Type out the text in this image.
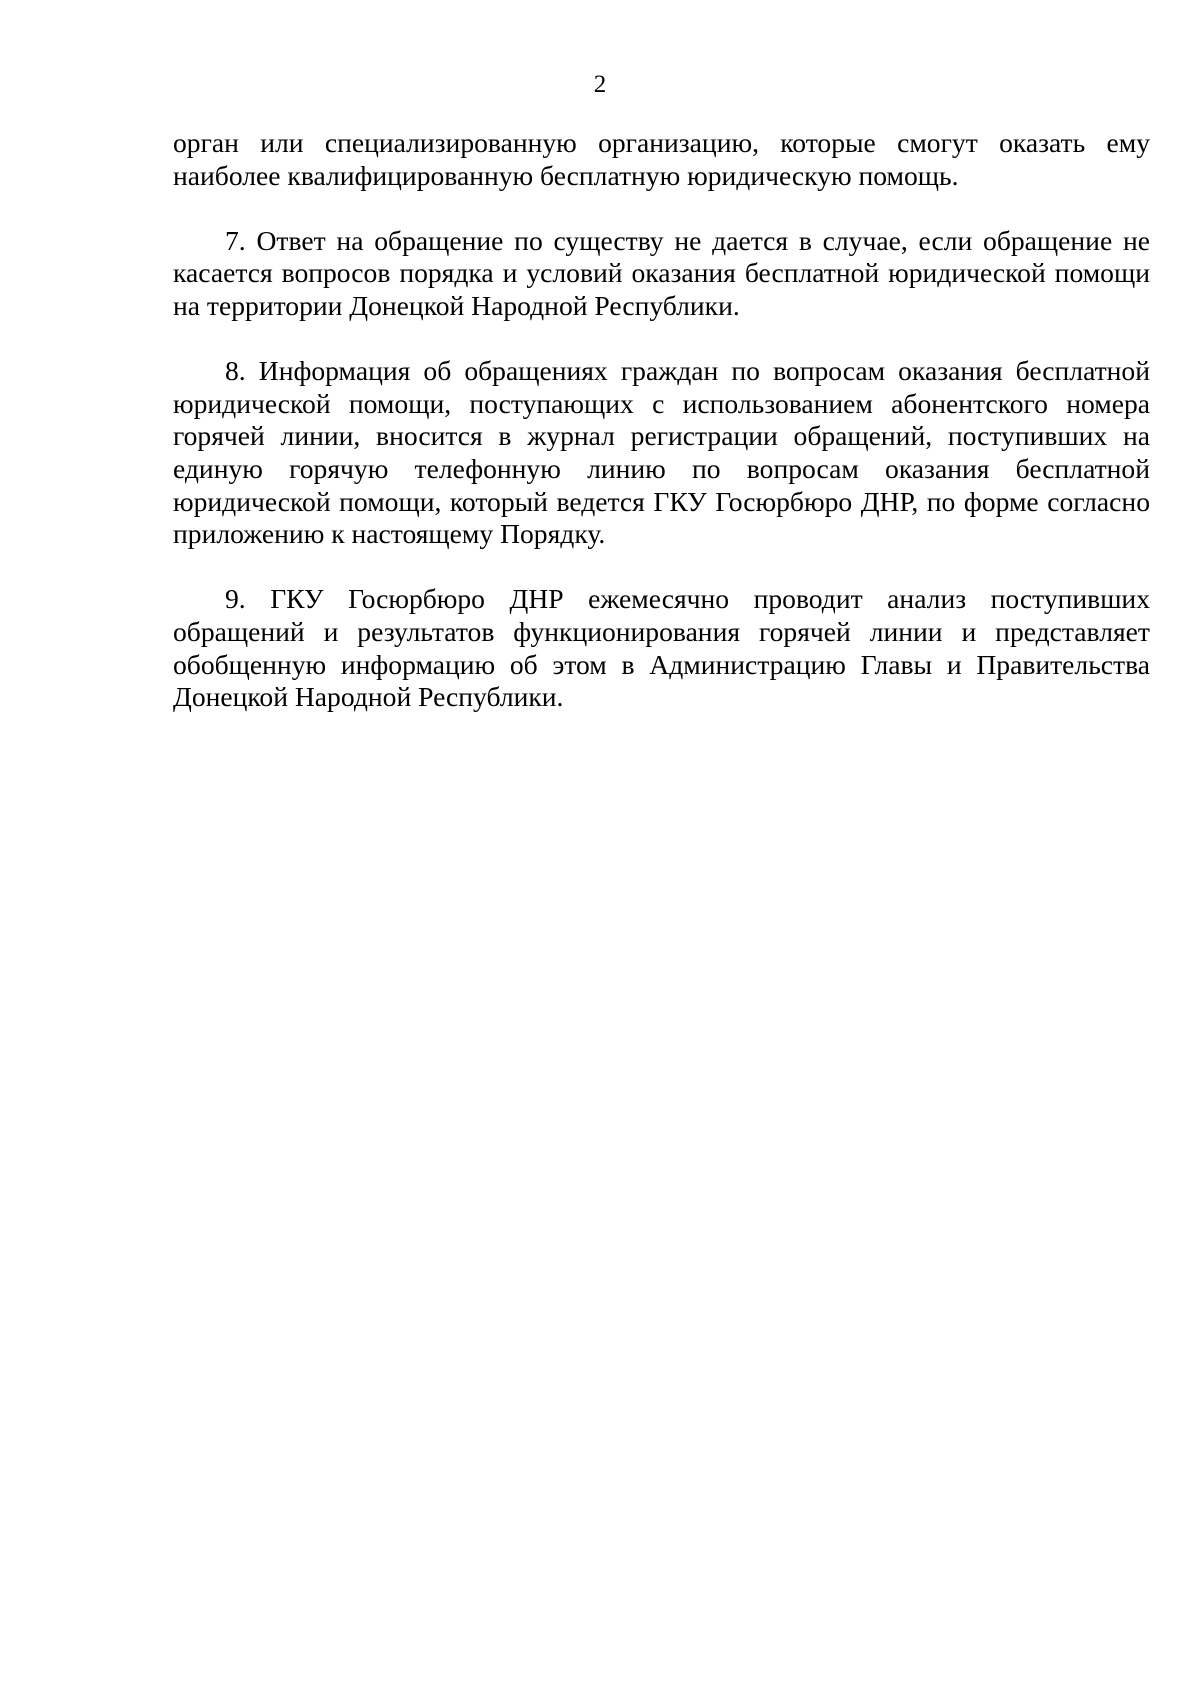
2

орган или специализированную организацию, которые смогут оказать ему наиболее квалифицированную бесплатную юридическую помощь.

7. Ответ на обращение по существу не дается в случае, если обращение не касается вопросов порядка и условий оказания бесплатной юридической помощи на территории Донецкой Народной Республики.

8. Информация об обращениях граждан по вопросам оказания бесплатной юридической помощи, поступающих с использованием абонентского номера горячей линии, вносится в журнал регистрации обращений, поступивших на единую горячую телефонную линию по вопросам оказания бесплатной юридической помощи, который ведется ГКУ Госюрбюро ДНР, по форме согласно приложению к настоящему Порядку.

9. ГКУ Госюрбюро ДНР ежемесячно проводит анализ поступивших обращений и результатов функционирования горячей линии и представляет обобщенную информацию об этом в Администрацию Главы и Правительства Донецкой Народной Республики.
